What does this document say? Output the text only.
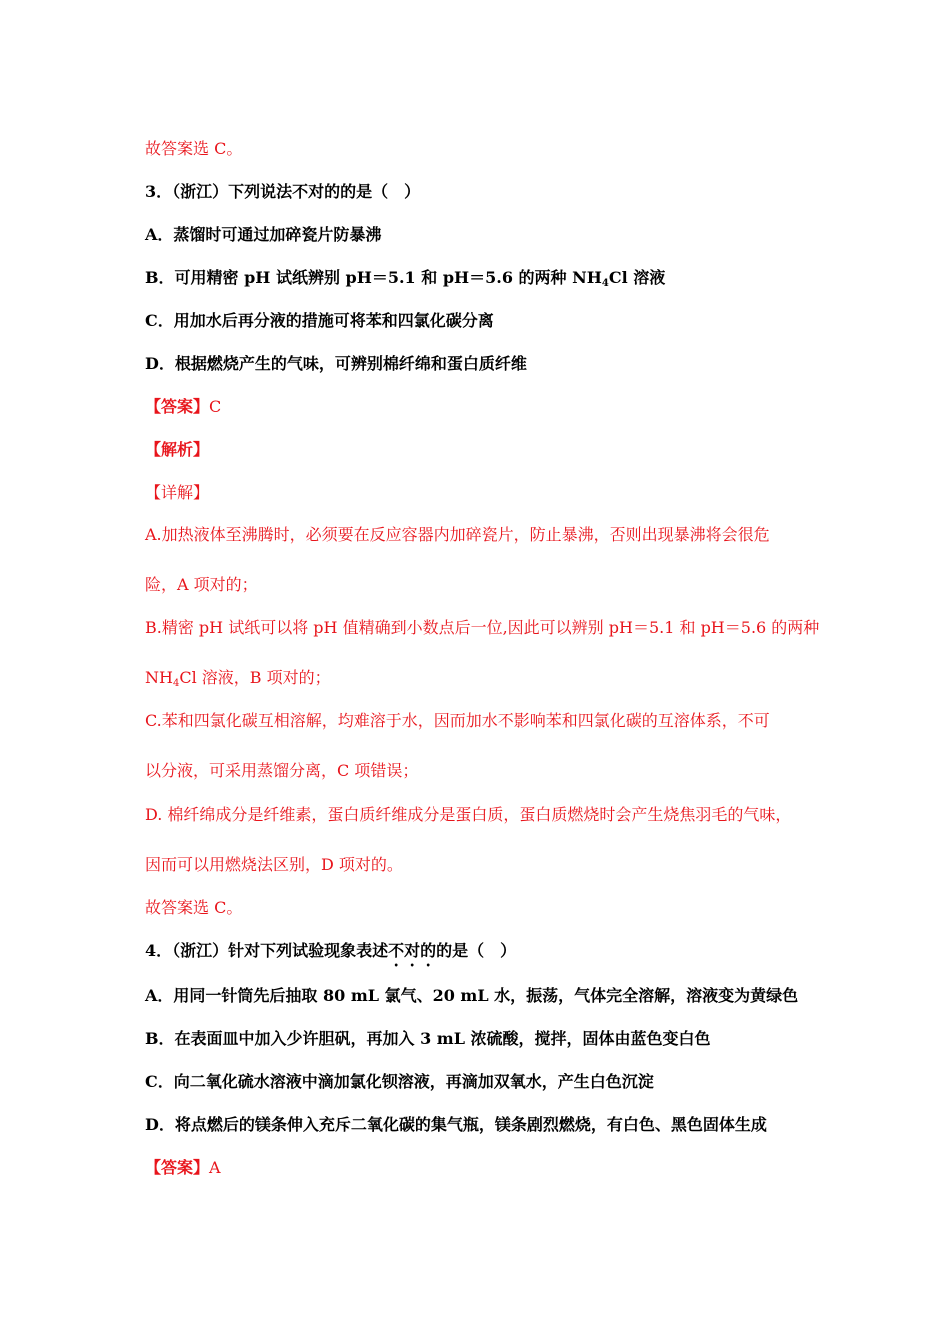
故答案选 C。
3．（浙江）下列说法不对的的是（　）
A．蒸馏时可通过加碎瓷片防暴沸
B．可用精密 pH 试纸辨别 pH＝5.1 和 pH＝5.6 的两种 $NH_4Cl$ 溶液
C．用加水后再分液的措施可将苯和四氯化碳分离
D．根据燃烧产生的气味，可辨别棉纤绵和蛋白质纤维
【答案】C
【解析】
【详解】
A.加热液体至沸腾时，必须要在反应容器内加碎瓷片，防止暴沸，否则出现暴沸将会很危
险，A 项对的；
B.精密 pH 试纸可以将 pH 值精确到小数点后一位,因此可以辨别 pH＝5.1 和 pH＝5.6 的两种
$NH_4Cl$ 溶液，B 项对的；
C.苯和四氯化碳互相溶解，均难溶于水，因而加水不影响苯和四氯化碳的互溶体系，不可
以分液，可采用蒸馏分离，C 项错误；
D. 棉纤绵成分是纤维素，蛋白质纤维成分是蛋白质，蛋白质燃烧时会产生烧焦羽毛的气味，
因而可以用燃烧法区别，D 项对的。
故答案选 C。
4．（浙江）针对下列试验现象表述不对的的是（　）
A．用同一针筒先后抽取 80 mL 氯气、20 mL 水，振荡，气体完全溶解，溶液变为黄绿色
B．在表面皿中加入少许胆矾，再加入 3 mL 浓硫酸，搅拌，固体由蓝色变白色
C．向二氧化硫水溶液中滴加氯化钡溶液，再滴加双氧水，产生白色沉淀
D．将点燃后的镁条伸入充斥二氧化碳的集气瓶，镁条剧烈燃烧，有白色、黑色固体生成
【答案】A
